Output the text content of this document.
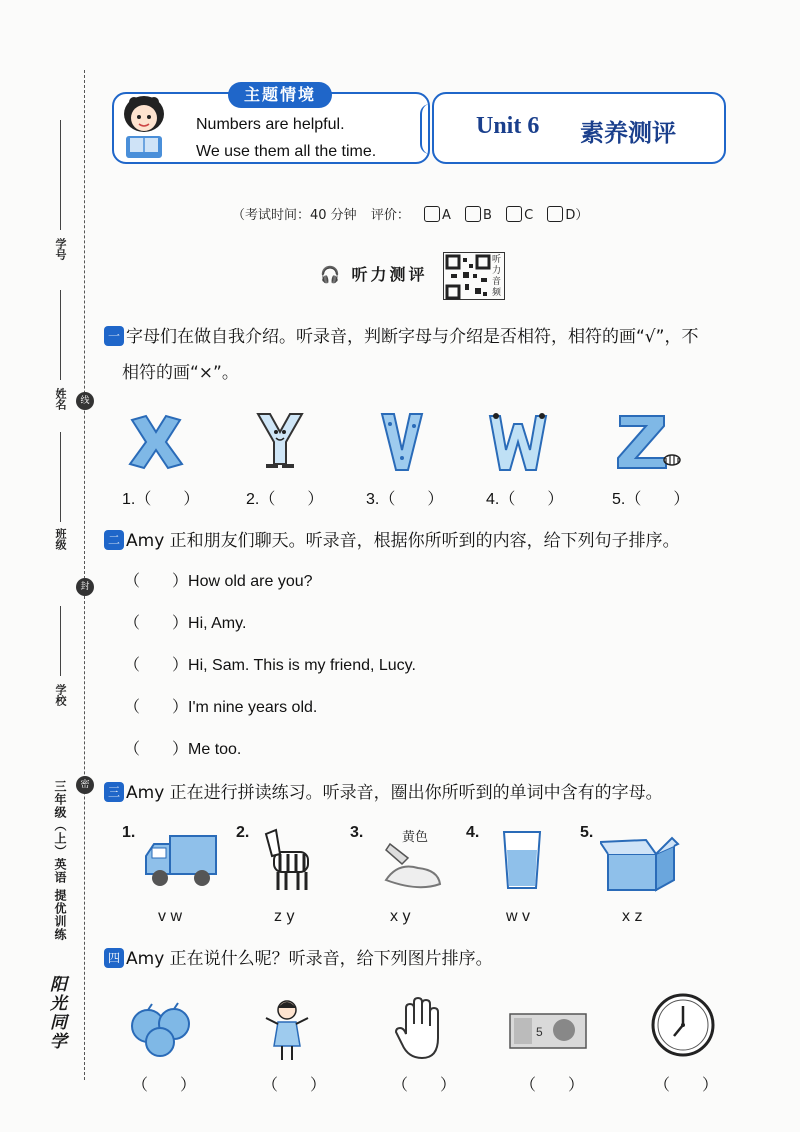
学号
姓名	线
班级
封
学校
密
三年级（上）英语 提优训练
阳光同学
主题情境
Numbers are helpful.
We use them all the time.
Unit 6 素养测评
（考试时间：40 分钟 评价： A B C D）
🎧 听力测评
听力音频
一 字母们在做自我介绍。听录音，判断字母与介绍是否相符，相符的画“√”，不
相符的画“×”。
1.（　　）	2.（　　）	3.（　　）	4.（　　）	5.（　　）
二 Amy 正和朋友们聊天。听录音，根据你所听到的内容，给下列句子排序。
（ ）How old are you?
（ ）Hi, Amy.
（ ）Hi, Sam. This is my friend, Lucy.
（ ）I'm nine years old.
（ ）Me too.
三 Amy 正在进行拼读练习。听录音，圈出你所听到的单词中含有的字母。
1.	2.	3.	4.	5.
黄色
v w	z y	x y	w v	x z
四 Amy 正在说什么呢？听录音，给下列图片排序。
5
（　　）	（　　）	（　　）	（　　）	（　　）
